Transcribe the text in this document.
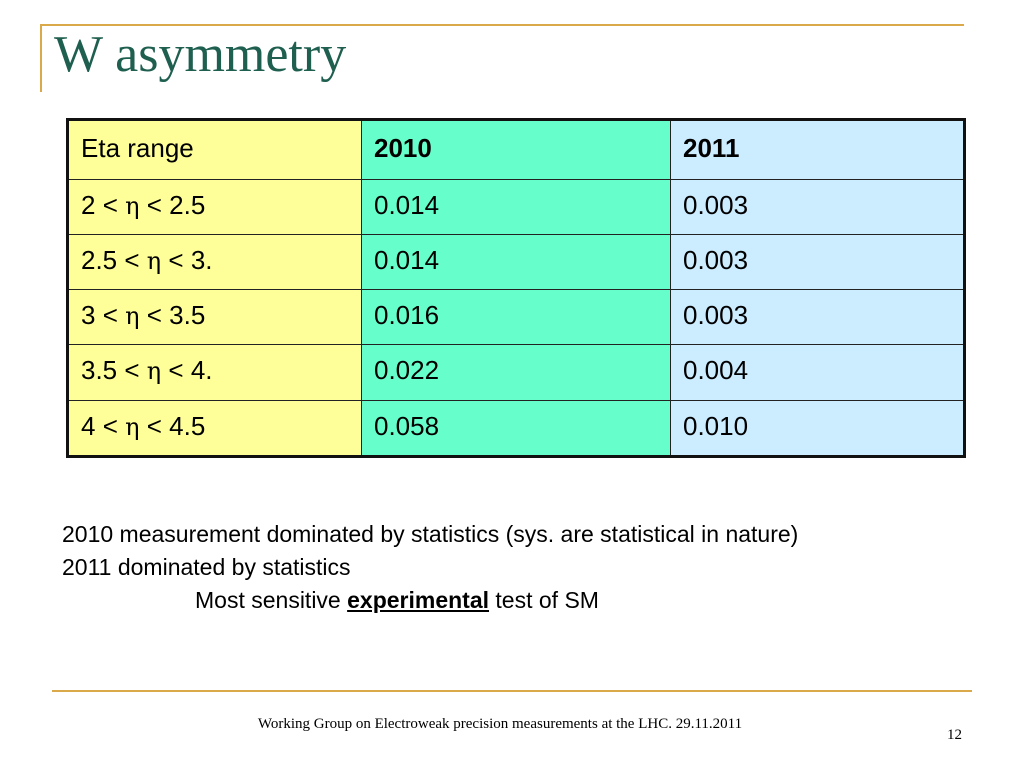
W asymmetry
Eta range	2010	2011
2 < η < 2.5	0.014	0.003
2.5 < η < 3.	0.014	0.003
3 < η < 3.5	0.016	0.003
3.5 < η < 4.	0.022	0.004
4 < η < 4.5	0.058	0.010
2010 measurement dominated by statistics (sys. are statistical in nature)
2011 dominated by statistics
Most sensitive experimental test of SM
Working Group on Electroweak precision measurements at the LHC. 29.11.2011
12
